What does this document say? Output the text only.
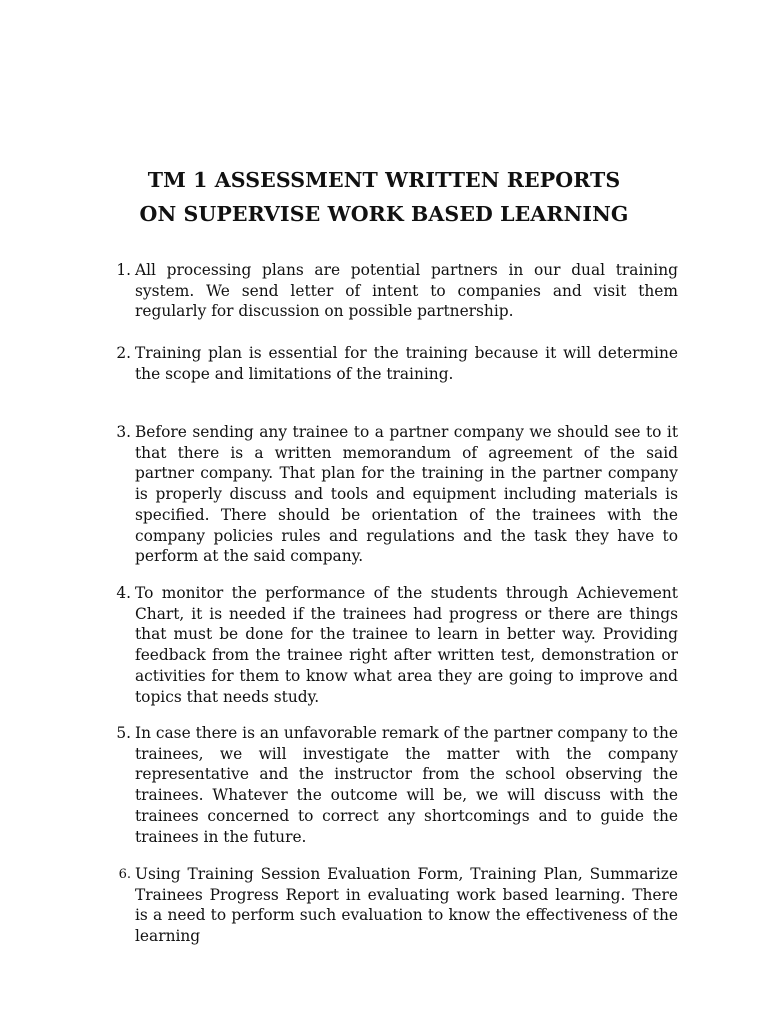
TM 1 ASSESSMENT WRITTEN REPORTS
ON SUPERVISE WORK BASED LEARNING
1. All processing plans are potential partners in our dual training system. We send letter of intent to companies and visit them regularly for discussion on possible partnership.
2. Training plan is essential for the training because it will determine the scope and limitations of the training.
3. Before sending any trainee to a partner company we should see to it that there is a written memorandum of agreement of the said partner company. That plan for the training in the partner company is properly discuss and tools and equipment including materials is specified. There should be orientation of the trainees with the company policies rules and regulations and the task they have to perform at the said company.
4. To monitor the performance of the students through Achievement Chart, it is needed if the trainees had progress or there are things that must be done for the trainee to learn in better way. Providing feedback from the trainee right after written test, demonstration or activities for them to know what area they are going to improve and topics that needs study.
5. In case there is an unfavorable remark of the partner company to the trainees, we will investigate the matter with the company representative and the instructor from the school observing the trainees. Whatever the outcome will be, we will discuss with the trainees concerned to correct any shortcomings and to guide the trainees in the future.
6. Using Training Session Evaluation Form, Training Plan, Summarize Trainees Progress Report in evaluating work based learning. There is a need to perform such evaluation to know the effectiveness of the learning
